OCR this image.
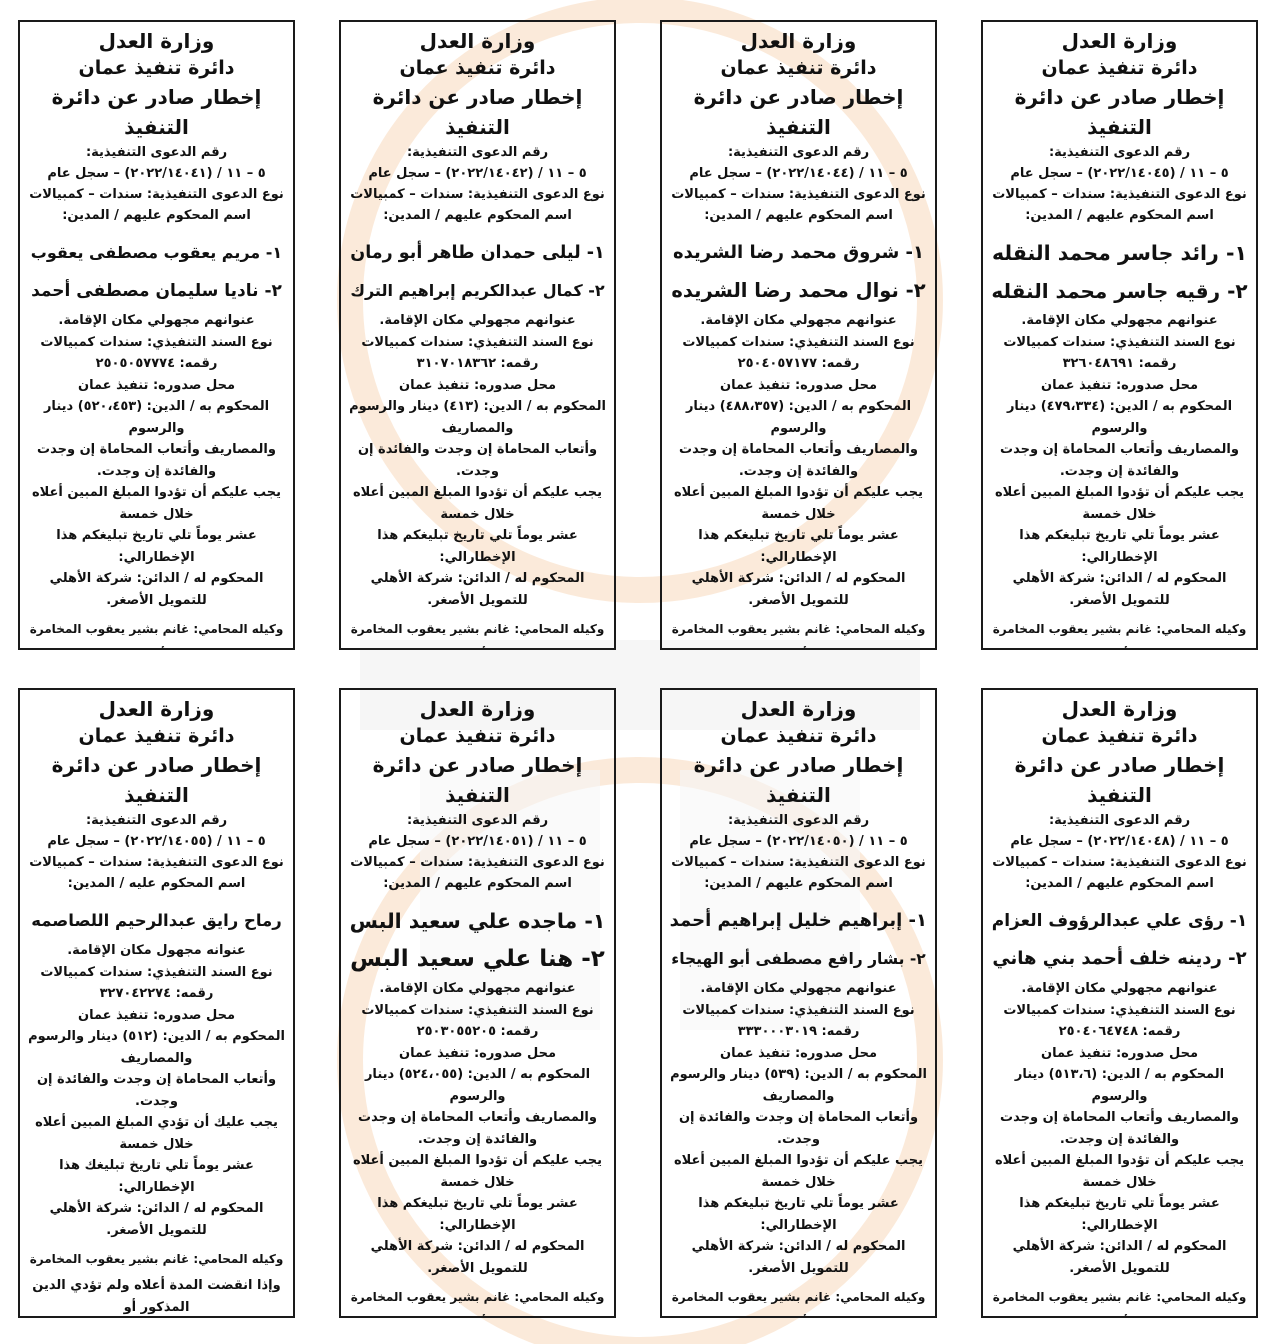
وزارة العدل
دائرة تنفيذ عمان
إخطار صادر عن دائرة التنفيذ
رقم الدعوى التنفيذية:
٥ – ١١ / (٢٠٢٢/١٤٠٤٥) – سجل عام
نوع الدعوى التنفيذية: سندات – كمبيالات
اسم المحكوم عليهم / المدين:
١- رائد جاسر محمد النقله
٢- رقيه جاسر محمد النقله
عنوانهم مجهولي مكان الإقامة.
نوع السند التنفيذي: سندات كمبيالات
رقمه: ٣٢٦٠٤٨٦٩١
محل صدوره: تنفيذ عمان
المحكوم به / الدين: (٤٧٩،٣٣٤) دينار والرسوم
والمصاريف وأتعاب المحاماة إن وجدت والفائدة إن وجدت.
يجب عليكم أن تؤدوا المبلغ المبين أعلاه خلال خمسة
عشر يوماً تلي تاريخ تبليغكم هذا الإخطارالي:
المحكوم له / الدائن: شركة الأهلي للتمويل الأصغر.
وكيله المحامي: غانم بشير يعقوب المخامرة
وزارة العدل
دائرة تنفيذ عمان
إخطار صادر عن دائرة التنفيذ
رقم الدعوى التنفيذية:
٥ – ١١ / (٢٠٢٢/١٤٠٤٤) – سجل عام
نوع الدعوى التنفيذية: سندات – كمبيالات
اسم المحكوم عليهم / المدين:
١- شروق محمد رضا الشريده
٢- نوال محمد رضا الشريده
عنوانهم مجهولي مكان الإقامة.
نوع السند التنفيذي: سندات كمبيالات
رقمه: ٢٥٠٤٠٥٧١٧٧
محل صدوره: تنفيذ عمان
المحكوم به / الدين: (٤٨٨،٣٥٧) دينار والرسوم
والمصاريف وأتعاب المحاماة إن وجدت والفائدة إن وجدت.
يجب عليكم أن تؤدوا المبلغ المبين أعلاه خلال خمسة
عشر يوماً تلي تاريخ تبليغكم هذا الإخطارالي:
المحكوم له / الدائن: شركة الأهلي للتمويل الأصغر.
وكيله المحامي: غانم بشير يعقوب المخامرة
وزارة العدل
دائرة تنفيذ عمان
إخطار صادر عن دائرة التنفيذ
رقم الدعوى التنفيذية:
٥ – ١١ / (٢٠٢٢/١٤٠٤٢) – سجل عام
نوع الدعوى التنفيذية: سندات – كمبيالات
اسم المحكوم عليهم / المدين:
١- ليلى حمدان طاهر أبو رمان
٢- كمال عبدالكريم إبراهيم الترك
عنوانهم مجهولي مكان الإقامة.
نوع السند التنفيذي: سندات كمبيالات
رقمه: ٣١٠٧٠١٨٣٦٢
محل صدوره: تنفيذ عمان
المحكوم به / الدين: (٤١٣) دينار والرسوم والمصاريف
وأتعاب المحاماة إن وجدت والفائدة إن وجدت.
يجب عليكم أن تؤدوا المبلغ المبين أعلاه خلال خمسة
عشر يوماً تلي تاريخ تبليغكم هذا الإخطارالي:
المحكوم له / الدائن: شركة الأهلي للتمويل الأصغر.
وكيله المحامي: غانم بشير يعقوب المخامرة
وزارة العدل
دائرة تنفيذ عمان
إخطار صادر عن دائرة التنفيذ
رقم الدعوى التنفيذية:
٥ – ١١ / (٢٠٢٢/١٤٠٤١) – سجل عام
نوع الدعوى التنفيذية: سندات – كمبيالات
اسم المحكوم عليهم / المدين:
١- مريم يعقوب مصطفى يعقوب
٢- ناديا سليمان مصطفى أحمد
عنوانهم مجهولي مكان الإقامة.
نوع السند التنفيذي: سندات كمبيالات
رقمه: ٢٥٠٥٠٥٧٧٧٤
محل صدوره: تنفيذ عمان
المحكوم به / الدين: (٥٢٠،٤٥٣) دينار والرسوم
والمصاريف وأتعاب المحاماة إن وجدت والفائدة إن وجدت.
يجب عليكم أن تؤدوا المبلغ المبين أعلاه خلال خمسة
عشر يوماً تلي تاريخ تبليغكم هذا الإخطارالي:
المحكوم له / الدائن: شركة الأهلي للتمويل الأصغر.
وكيله المحامي: غانم بشير يعقوب المخامرة
وزارة العدل
دائرة تنفيذ عمان
إخطار صادر عن دائرة التنفيذ
رقم الدعوى التنفيذية:
٥ – ١١ / (٢٠٢٢/١٤٠٤٨) – سجل عام
نوع الدعوى التنفيذية: سندات – كمبيالات
اسم المحكوم عليهم / المدين:
١- رؤى علي عبدالرؤوف العزام
٢- ردينه خلف أحمد بني هاني
عنوانهم مجهولي مكان الإقامة.
نوع السند التنفيذي: سندات كمبيالات
رقمه: ٢٥٠٤٠٦٤٧٤٨
محل صدوره: تنفيذ عمان
المحكوم به / الدين: (٥١٣،٦) دينار والرسوم
والمصاريف وأتعاب المحاماة إن وجدت والفائدة إن وجدت.
يجب عليكم أن تؤدوا المبلغ المبين أعلاه خلال خمسة
عشر يوماً تلي تاريخ تبليغكم هذا الإخطارالي:
المحكوم له / الدائن: شركة الأهلي للتمويل الأصغر.
وكيله المحامي: غانم بشير يعقوب المخامرة
وزارة العدل
دائرة تنفيذ عمان
إخطار صادر عن دائرة التنفيذ
رقم الدعوى التنفيذية:
٥ – ١١ / (٢٠٢٢/١٤٠٥٠) – سجل عام
نوع الدعوى التنفيذية: سندات – كمبيالات
اسم المحكوم عليهم / المدين:
١- إبراهيم خليل إبراهيم أحمد
٢- بشار رافع مصطفى أبو الهيجاء
عنوانهم مجهولي مكان الإقامة.
نوع السند التنفيذي: سندات كمبيالات
رقمه: ٣٣٣٠٠٠٣٠١٩
محل صدوره: تنفيذ عمان
المحكوم به / الدين: (٥٣٩) دينار والرسوم والمصاريف
وأتعاب المحاماة إن وجدت والفائدة إن وجدت.
يجب عليكم أن تؤدوا المبلغ المبين أعلاه خلال خمسة
عشر يوماً تلي تاريخ تبليغكم هذا الإخطارالي:
المحكوم له / الدائن: شركة الأهلي للتمويل الأصغر.
وكيله المحامي: غانم بشير يعقوب المخامرة
وزارة العدل
دائرة تنفيذ عمان
إخطار صادر عن دائرة التنفيذ
رقم الدعوى التنفيذية:
٥ – ١١ / (٢٠٢٢/١٤٠٥١) – سجل عام
نوع الدعوى التنفيذية: سندات – كمبيالات
اسم المحكوم عليهم / المدين:
١- ماجده علي سعيد البس
٢- هنا علي سعيد البس
عنوانهم مجهولي مكان الإقامة.
نوع السند التنفيذي: سندات كمبيالات
رقمه: ٢٥٠٣٠٥٥٢٠٥
محل صدوره: تنفيذ عمان
المحكوم به / الدين: (٥٢٤،٠٥٥) دينار والرسوم
والمصاريف وأتعاب المحاماة إن وجدت والفائدة إن وجدت.
يجب عليكم أن تؤدوا المبلغ المبين أعلاه خلال خمسة
عشر يوماً تلي تاريخ تبليغكم هذا الإخطارالي:
المحكوم له / الدائن: شركة الأهلي للتمويل الأصغر.
وكيله المحامي: غانم بشير يعقوب المخامرة
وزارة العدل
دائرة تنفيذ عمان
إخطار صادر عن دائرة التنفيذ
رقم الدعوى التنفيذية:
٥ – ١١ / (٢٠٢٢/١٤٠٥٥) – سجل عام
نوع الدعوى التنفيذية: سندات – كمبيالات
اسم المحكوم عليه / المدين:
رماح رايق عبدالرحيم اللصاصمه
عنوانه مجهول مكان الإقامة.
نوع السند التنفيذي: سندات كمبيالات
رقمه: ٣٢٧٠٤٢٢٧٤
محل صدوره: تنفيذ عمان
المحكوم به / الدين: (٥١٢) دينار والرسوم والمصاريف
وأتعاب المحاماة إن وجدت والفائدة إن وجدت.
يجب عليك أن تؤدي المبلغ المبين أعلاه خلال خمسة
عشر يوماً تلي تاريخ تبليغك هذا الإخطارالي:
المحكوم له / الدائن: شركة الأهلي للتمويل الأصغر.
وكيله المحامي: غانم بشير يعقوب المخامرة
وإذا انقضت المدة أعلاه ولم تؤدي الدين المذكور أو
